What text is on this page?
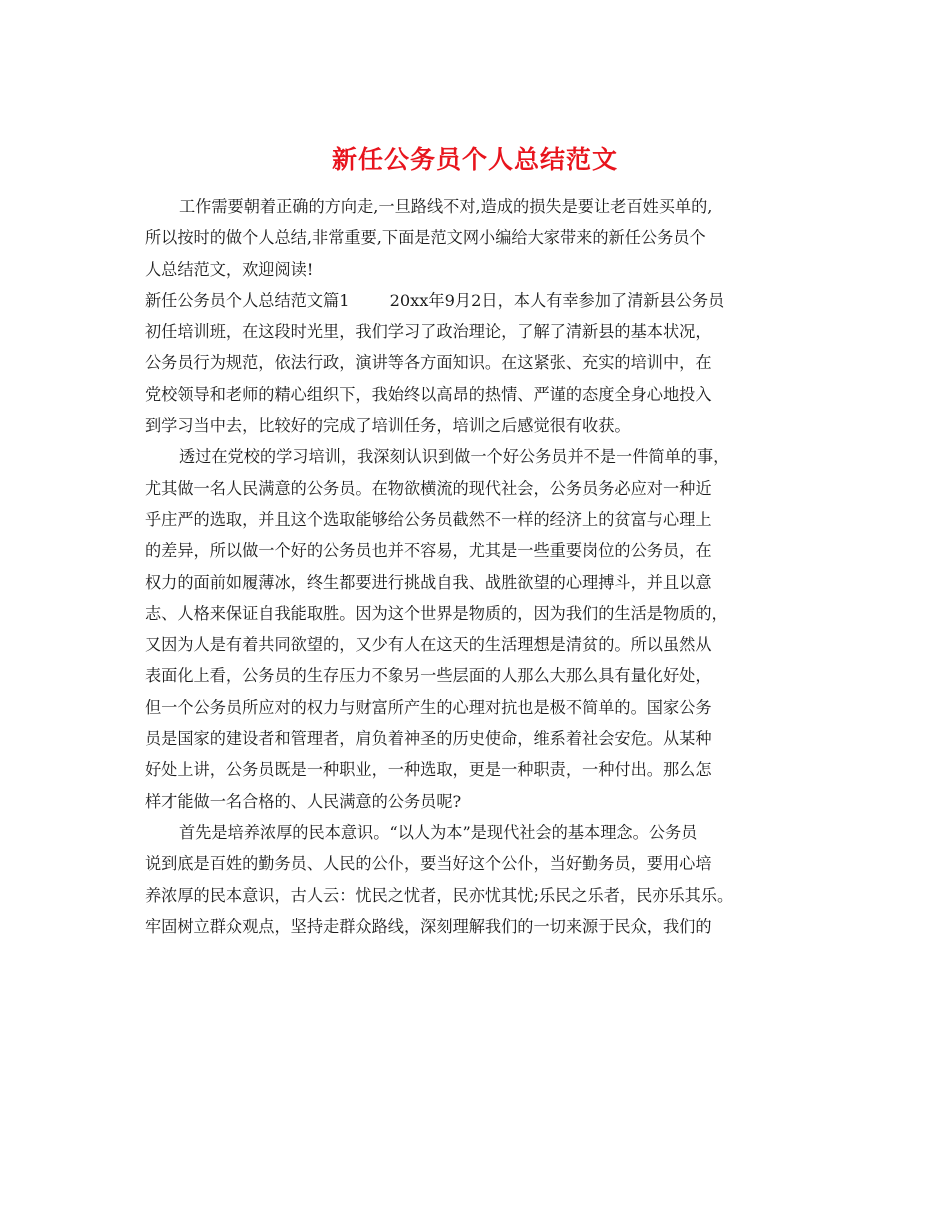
新任公务员个人总结范文
工作需要朝着正确的方向走,一旦路线不对,造成的损失是要让老百姓买单的,
所以按时的做个人总结,非常重要,下面是范文网小编给大家带来的新任公务员个
人总结范文，欢迎阅读!
新任公务员个人总结范文篇1 20xx年9月2日，本人有幸参加了清新县公务员
初任培训班，在这段时光里，我们学习了政治理论，了解了清新县的基本状况，
公务员行为规范，依法行政，演讲等各方面知识。在这紧张、充实的培训中，在
党校领导和老师的精心组织下，我始终以高昂的热情、严谨的态度全身心地投入
到学习当中去，比较好的完成了培训任务，培训之后感觉很有收获。
透过在党校的学习培训，我深刻认识到做一个好公务员并不是一件简单的事，
尤其做一名人民满意的公务员。在物欲横流的现代社会，公务员务必应对一种近
乎庄严的选取，并且这个选取能够给公务员截然不一样的经济上的贫富与心理上
的差异，所以做一个好的公务员也并不容易，尤其是一些重要岗位的公务员，在
权力的面前如履薄冰，终生都要进行挑战自我、战胜欲望的心理搏斗，并且以意
志、人格来保证自我能取胜。因为这个世界是物质的，因为我们的生活是物质的，
又因为人是有着共同欲望的，又少有人在这天的生活理想是清贫的。所以虽然从
表面化上看，公务员的生存压力不象另一些层面的人那么大那么具有量化好处，
但一个公务员所应对的权力与财富所产生的心理对抗也是极不简单的。国家公务
员是国家的建设者和管理者，肩负着神圣的历史使命，维系着社会安危。从某种
好处上讲，公务员既是一种职业，一种选取，更是一种职责，一种付出。那么怎
样才能做一名合格的、人民满意的公务员呢?
首先是培养浓厚的民本意识。“以人为本”是现代社会的基本理念。公务员
说到底是百姓的勤务员、人民的公仆，要当好这个公仆，当好勤务员，要用心培
养浓厚的民本意识，古人云：忧民之忧者，民亦忧其忧;乐民之乐者，民亦乐其乐。
牢固树立群众观点，坚持走群众路线，深刻理解我们的一切来源于民众，我们的
